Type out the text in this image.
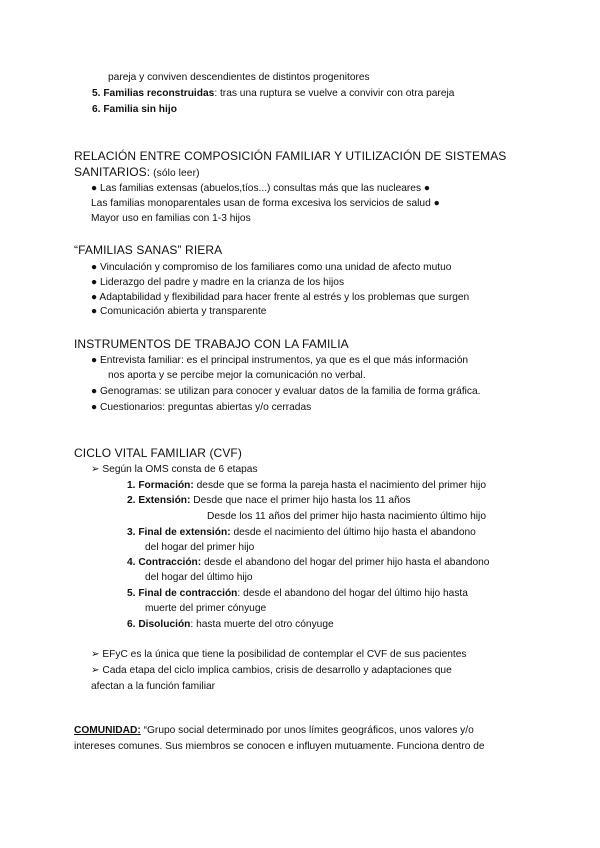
pareja y conviven descendientes de distintos progenitores
5. Familias reconstruidas: tras una ruptura se vuelve a convivir con otra pareja
6. Familia sin hijo
RELACIÓN ENTRE COMPOSICIÓN FAMILIAR Y UTILIZACIÓN DE SISTEMAS
SANITARIOS: (sólo leer)
● Las familias extensas (abuelos,tíos...) consultas más que las nucleares ●
Las familias monoparentales usan de forma excesiva los servicios de salud ●
Mayor uso en familias con 1-3 hijos
“FAMILIAS SANAS” RIERA
● Vinculación y compromiso de los familiares como una unidad de afecto mutuo
● Liderazgo del padre y madre en la crianza de los hijos
● Adaptabilidad y flexibilidad para hacer frente al estrés y los problemas que surgen
● Comunicación abierta y transparente
INSTRUMENTOS DE TRABAJO CON LA FAMILIA
● Entrevista familiar: es el principal instrumentos, ya que es el que más información
nos aporta y se percibe mejor la comunicación no verbal.
● Genogramas: se utilizan para conocer y evaluar datos de la familia de forma gráfica.
● Cuestionarios: preguntas abiertas y/o cerradas
CICLO VITAL FAMILIAR (CVF)
➢ Según la OMS consta de 6 etapas
1. Formación: desde que se forma la pareja hasta el nacimiento del primer hijo
2. Extensión: Desde que nace el primer hijo hasta los 11 años
Desde los 11 años del primer hijo hasta nacimiento último hijo
3. Final de extensión: desde el nacimiento del último hijo hasta el abandono
del hogar del primer hijo
4. Contracción: desde el abandono del hogar del primer hijo hasta el abandono
del hogar del último hijo
5. Final de contracción: desde el abandono del hogar del último hijo hasta
muerte del primer cónyuge
6. Disolución: hasta muerte del otro cónyuge
➢ EFyC es la única que tiene la posibilidad de contemplar el CVF de sus pacientes
➢ Cada etapa del ciclo implica cambios, crisis de desarrollo y adaptaciones que
afectan a la función familiar
COMUNIDAD: “Grupo social determinado por unos límites geográficos, unos valores y/o
intereses comunes. Sus miembros se conocen e influyen mutuamente. Funciona dentro de
